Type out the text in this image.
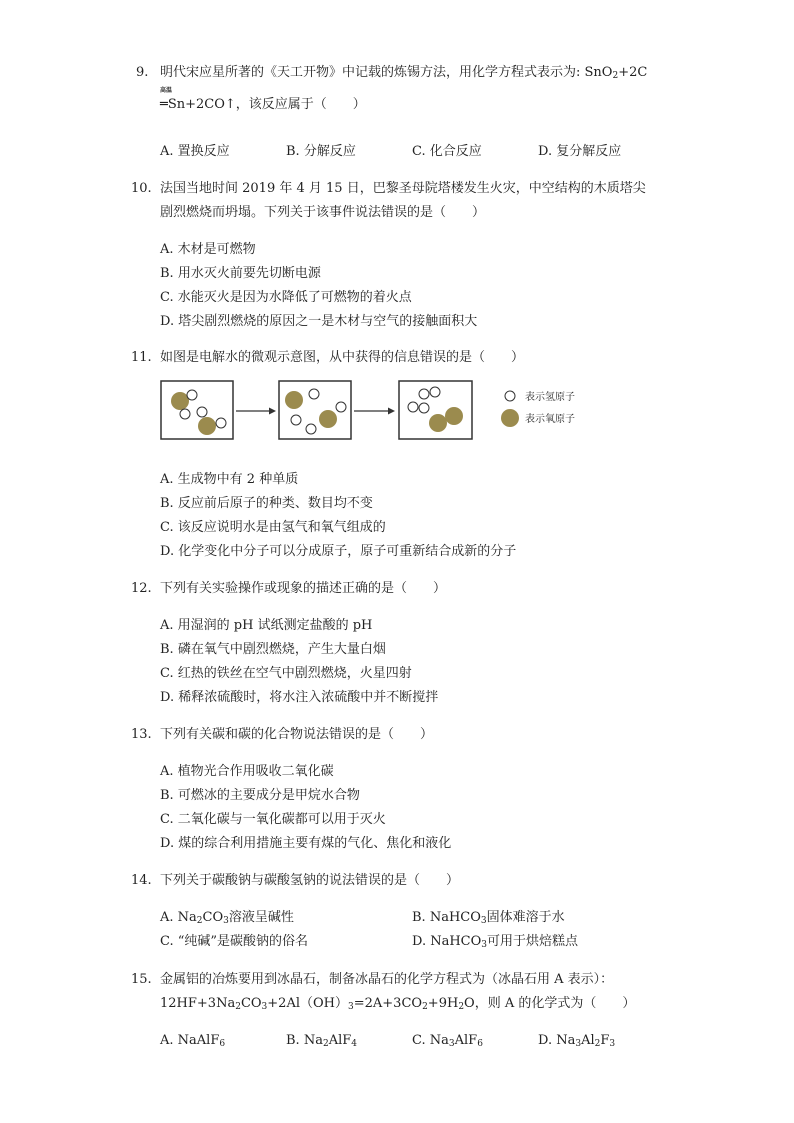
9. 明代宋应星所著的《天工开物》中记载的炼锡方法，用化学方程式表示为: SnO$_2$+2C
高温
═Sn+2CO↑，该反应属于（　　）
A. 置换反应	B. 分解反应	C. 化合反应	D. 复分解反应
10. 法国当地时间 2019 年 4 月 15 日，巴黎圣母院塔楼发生火灾，中空结构的木质塔尖
剧烈燃烧而坍塌。下列关于该事件说法错误的是（　　）
A. 木材是可燃物
B. 用水灭火前要先切断电源
C. 水能灭火是因为水降低了可燃物的着火点
D. 塔尖剧烈燃烧的原因之一是木材与空气的接触面积大
11. 如图是电解水的微观示意图，从中获得的信息错误的是（　　）
表示氢原子
表示氧原子
A. 生成物中有 2 种单质
B. 反应前后原子的种类、数目均不变
C. 该反应说明水是由氢气和氧气组成的
D. 化学变化中分子可以分成原子，原子可重新结合成新的分子
12. 下列有关实验操作或现象的描述正确的是（　　）
A. 用湿润的 pH 试纸测定盐酸的 pH
B. 磷在氧气中剧烈燃烧，产生大量白烟
C. 红热的铁丝在空气中剧烈燃烧，火星四射
D. 稀释浓硫酸时，将水注入浓硫酸中并不断搅拌
13. 下列有关碳和碳的化合物说法错误的是（　　）
A. 植物光合作用吸收二氧化碳
B. 可燃冰的主要成分是甲烷水合物
C. 二氧化碳与一氧化碳都可以用于灭火
D. 煤的综合利用措施主要有煤的气化、焦化和液化
14. 下列关于碳酸钠与碳酸氢钠的说法错误的是（　　）
A. $Na_2CO_3$溶液呈碱性	B. NaHCO$_3$固体难溶于水
C. “纯碱”是碳酸钠的俗名	D. NaHCO$_3$可用于烘焙糕点
15. 金属铝的冶炼要用到冰晶石，制备冰晶石的化学方程式为（冰晶石用 A 表示）：
$12HF+3Na_2CO_3+2Al(OH)_3=2A+3CO_2+9H_2O$，则 A 的化学式为（　　）
A. NaAlF$_6$	B. $Na_2AlF_4$	C. $Na_3AlF_6$	D. $Na_3Al_2F_3$
